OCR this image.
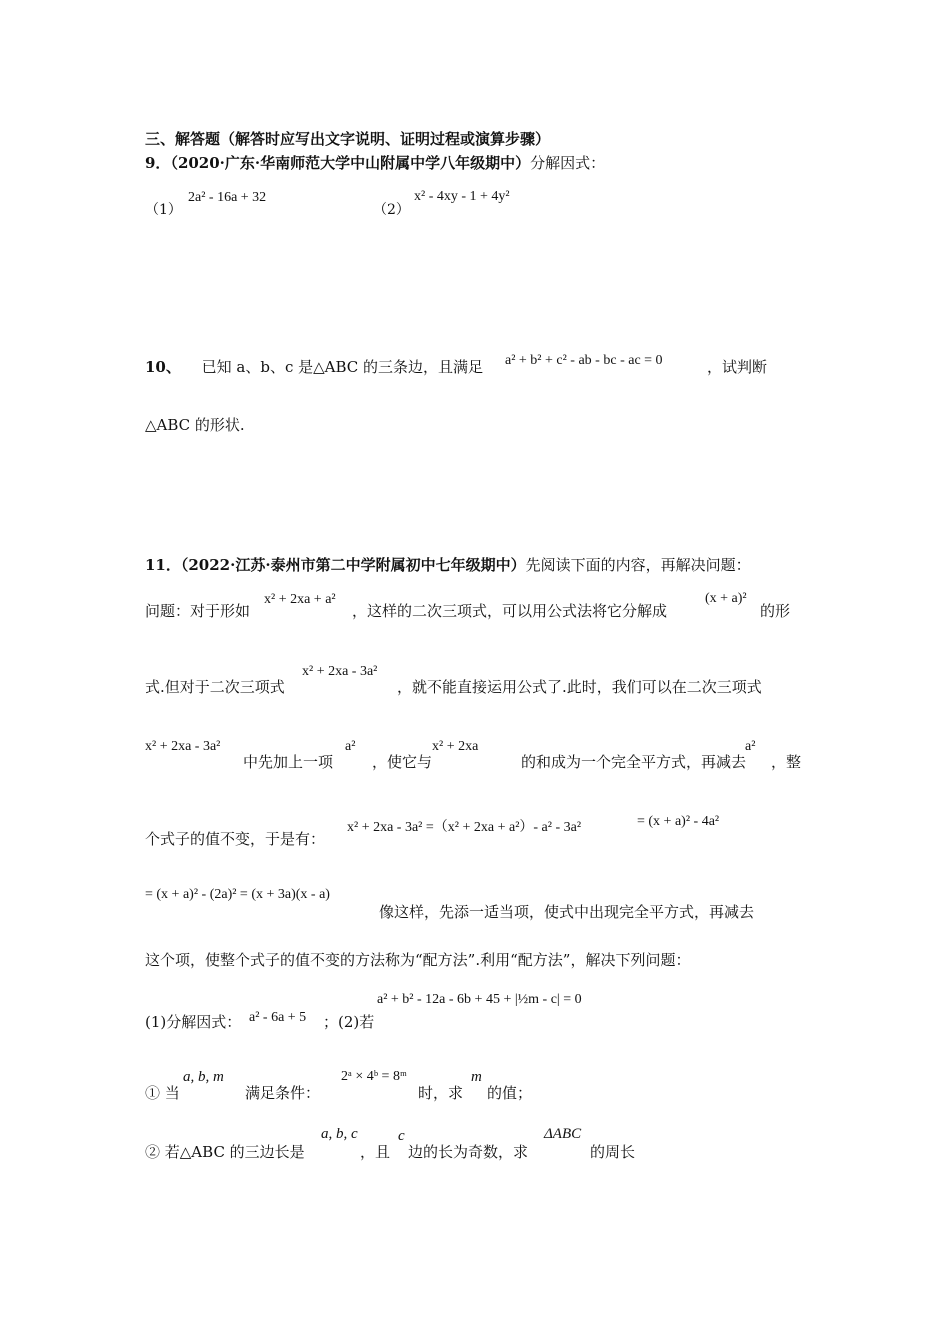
三、解答题（解答时应写出文字说明、证明过程或演算步骤）
9．（2020·广东·华南师范大学中山附属中学八年级期中）分解因式：
（1）
2a² - 16a + 32
（2）
x² - 4xy - 1 + 4y²
10、 已知 a、b、c 是△ABC 的三条边，且满足 a² + b² + c² - ab - bc - ac = 0	，试判断
△ABC 的形状.
11．（2022·江苏·泰州市第二中学附属初中七年级期中）先阅读下面的内容，再解决问题：
问题：对于形如
x² + 2xa + a²
，这样的二次三项式，可以用公式法将它分解成
(x + a)²
的形
式.但对于二次三项式
x² + 2xa - 3a²
，就不能直接运用公式了.此时，我们可以在二次三项式
x² + 2xa - 3a²
中先加上一项
a²
，使它与
x² + 2xa
的和成为一个完全平方式，再减去
a²
，整
个式子的值不变，于是有：
x² + 2xa - 3a² =（x² + 2xa + a²）- a² - 3a²	= (x + a)² - 4a²
= (x + a)² - (2a)² = (x + 3a)(x - a)
像这样，先添一适当项，使式中出现完全平方式，再减去
这个项，使整个式子的值不变的方法称为“配方法”.利用“配方法”，解决下列问题：
(1)分解因式： a² - 6a + 5 ；(2)若
a² + b² - 12a - 6b + 45 + |½m - c| = 0
① 当
a, b, m
满足条件：
2ᵃ × 4ᵇ = 8ᵐ
时，求
m
的值；
② 若△ABC 的三边长是
a, b, c
，且
c
边的长为奇数，求
ΔABC
的周长
